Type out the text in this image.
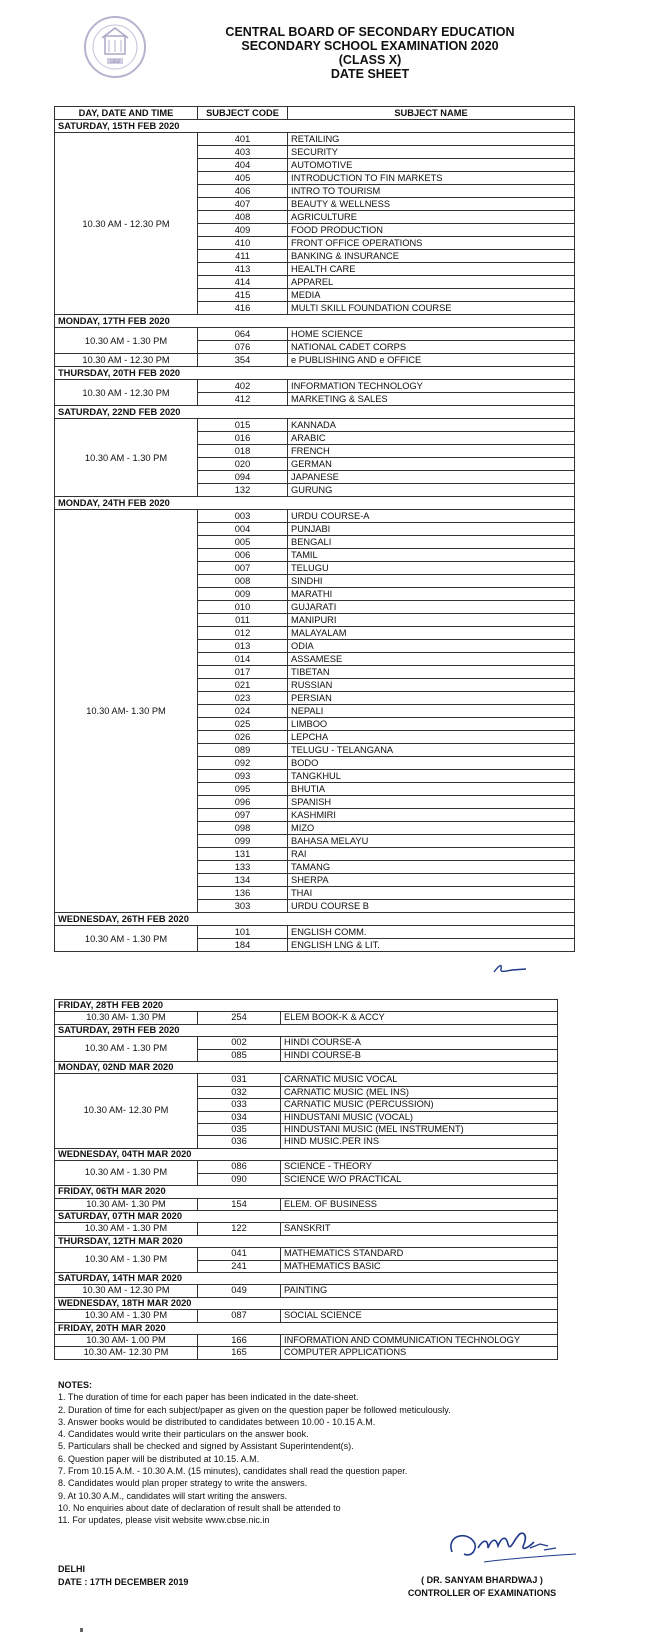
CBSE
CENTRAL BOARD OF SECONDARY EDUCATION
SECONDARY SCHOOL EXAMINATION 2020
(CLASS X)
DATE SHEET
DAY, DATE AND TIME	SUBJECT CODE	SUBJECT NAME
SATURDAY, 15TH FEB 2020		
10.30 AM - 12.30 PM	401	RETAILING
	403	SECURITY
	404	AUTOMOTIVE
	405	INTRODUCTION TO FIN MARKETS
	406	INTRO TO TOURISM
	407	BEAUTY & WELLNESS
	408	AGRICULTURE
	409	FOOD PRODUCTION
	410	FRONT OFFICE OPERATIONS
	411	BANKING & INSURANCE
	413	HEALTH CARE
	414	APPAREL
	415	MEDIA
	416	MULTI SKILL FOUNDATION COURSE
MONDAY, 17TH FEB 2020		
10.30 AM - 1.30 PM	064	HOME SCIENCE
	076	NATIONAL CADET CORPS
10.30 AM - 12.30 PM	354	e PUBLISHING AND e OFFICE
THURSDAY, 20TH FEB 2020		
10.30 AM - 12.30 PM	402	INFORMATION TECHNOLOGY
	412	MARKETING & SALES
SATURDAY, 22ND FEB 2020		
10.30 AM - 1.30 PM	015	KANNADA
	016	ARABIC
	018	FRENCH
	020	GERMAN
	094	JAPANESE
	132	GURUNG
MONDAY, 24TH FEB 2020		
10.30 AM- 1.30 PM	003	URDU COURSE-A
	004	PUNJABI
	005	BENGALI
	006	TAMIL
	007	TELUGU
	008	SINDHI
	009	MARATHI
	010	GUJARATI
	011	MANIPURI
	012	MALAYALAM
	013	ODIA
	014	ASSAMESE
	017	TIBETAN
	021	RUSSIAN
	023	PERSIAN
	024	NEPALI
	025	LIMBOO
	026	LEPCHA
	089	TELUGU - TELANGANA
	092	BODO
	093	TANGKHUL
	095	BHUTIA
	096	SPANISH
	097	KASHMIRI
	098	MIZO
	099	BAHASA MELAYU
	131	RAI
	133	TAMANG
	134	SHERPA
	136	THAI
	303	URDU COURSE B
WEDNESDAY, 26TH FEB 2020		
10.30 AM - 1.30 PM	101	ENGLISH COMM.
	184	ENGLISH LNG & LIT.
FRIDAY, 28TH FEB 2020		
10.30 AM- 1.30 PM	254	ELEM BOOK-K & ACCY
SATURDAY, 29TH FEB 2020		
10.30 AM - 1.30 PM	002	HINDI COURSE-A
	085	HINDI COURSE-B
MONDAY, 02ND MAR 2020		
10.30 AM- 12.30 PM	031	CARNATIC MUSIC VOCAL
	032	CARNATIC MUSIC (MEL INS)
	033	CARNATIC MUSIC (PERCUSSION)
	034	HINDUSTANI MUSIC (VOCAL)
	035	HINDUSTANI MUSIC (MEL INSTRUMENT)
	036	HIND MUSIC.PER INS
WEDNESDAY, 04TH MAR 2020		
10.30 AM - 1.30 PM	086	SCIENCE - THEORY
	090	SCIENCE W/O PRACTICAL
FRIDAY, 06TH MAR 2020		
10.30 AM- 1.30 PM	154	ELEM. OF BUSINESS
SATURDAY, 07TH MAR 2020		
10.30 AM - 1.30 PM	122	SANSKRIT
THURSDAY, 12TH MAR 2020		
10.30 AM - 1.30 PM	041	MATHEMATICS STANDARD
	241	MATHEMATICS BASIC
SATURDAY, 14TH MAR 2020		
10.30 AM - 12.30 PM	049	PAINTING
WEDNESDAY, 18TH MAR 2020		
10.30 AM - 1.30 PM	087	SOCIAL SCIENCE
FRIDAY, 20TH MAR 2020		
10.30 AM- 1.00 PM	166	INFORMATION AND COMMUNICATION TECHNOLOGY
10.30 AM- 12.30 PM	165	COMPUTER APPLICATIONS
NOTES:
1. The duration of time for each paper has been indicated in the date-sheet.
2. Duration of time for each subject/paper as given on the question paper be followed meticulously.
3. Answer books would be distributed to candidates between 10.00 - 10.15 A.M.
4. Candidates would write their particulars on the answer book.
5. Particulars shall be checked and signed by Assistant Superintendent(s).
6. Question paper will be distributed at 10.15. A.M.
7. From 10.15 A.M. - 10.30 A.M. (15 minutes), candidates shall read the question paper.
8. Candidates would plan proper strategy to write the answers.
9. At 10.30 A.M., candidates will start writing the answers.
10. No enquiries about date of declaration of result shall be attended to
11. For updates, please visit website www.cbse.nic.in
DELHI
DATE : 17TH DECEMBER 2019	( DR. SANYAM BHARDWAJ )
CONTROLLER OF EXAMINATIONS
